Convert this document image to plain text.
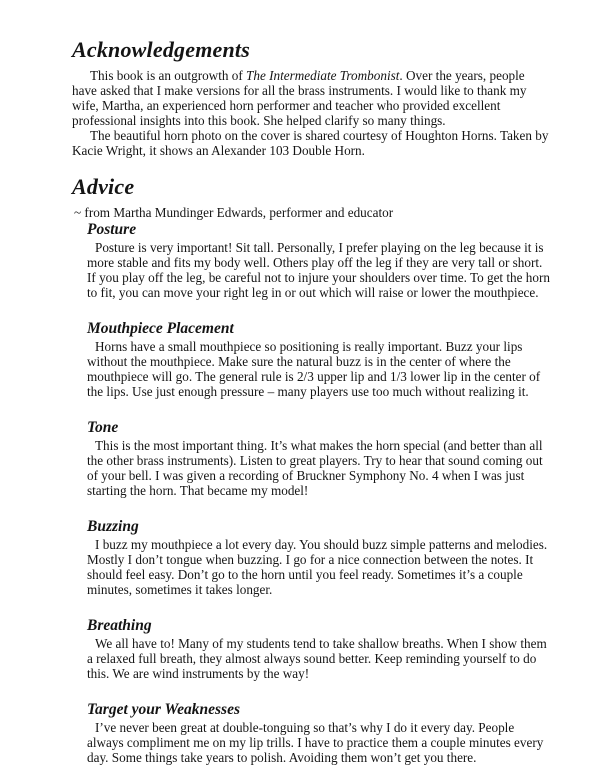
Acknowledgements

This book is an outgrowth of The Intermediate Trombonist. Over the years, people have asked that I make versions for all the brass instruments. I would like to thank my wife, Martha, an experienced horn performer and teacher who provided excellent professional insights into this book. She helped clarify so many things.

The beautiful horn photo on the cover is shared courtesy of Houghton Horns. Taken by Kacie Wright, it shows an Alexander 103 Double Horn.

Advice

~ from Martha Mundinger Edwards, performer and educator

Posture

Posture is very important! Sit tall. Personally, I prefer playing on the leg because it is more stable and fits my body well. Others play off the leg if they are very tall or short. If you play off the leg, be careful not to injure your shoulders over time. To get the horn to fit, you can move your right leg in or out which will raise or lower the mouthpiece.

Mouthpiece Placement

Horns have a small mouthpiece so positioning is really important. Buzz your lips without the mouthpiece. Make sure the natural buzz is in the center of where the mouthpiece will go. The general rule is 2/3 upper lip and 1/3 lower lip in the center of the lips. Use just enough pressure – many players use too much without realizing it.

Tone

This is the most important thing. It’s what makes the horn special (and better than all the other brass instruments). Listen to great players. Try to hear that sound coming out of your bell. I was given a recording of Bruckner Symphony No. 4 when I was just starting the horn. That became my model!

Buzzing

I buzz my mouthpiece a lot every day. You should buzz simple patterns and melodies. Mostly I don’t tongue when buzzing. I go for a nice connection between the notes. It should feel easy. Don’t go to the horn until you feel ready. Sometimes it’s a couple minutes, sometimes it takes longer.

Breathing

We all have to! Many of my students tend to take shallow breaths. When I show them a relaxed full breath, they almost always sound better. Keep reminding yourself to do this. We are wind instruments by the way!

Target your Weaknesses

I’ve never been great at double-tonguing so that’s why I do it every day. People always compliment me on my lip trills. I have to practice them a couple minutes every day. Some things take years to polish. Avoiding them won’t get you there.
